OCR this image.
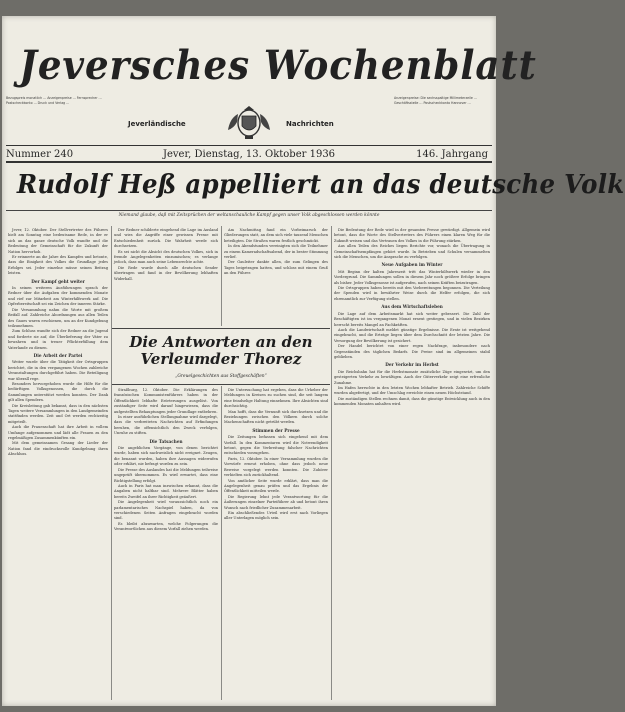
Jeversches Wochenblatt
Bezugspreis monatlich ... Anzeigenpreise ... Fernsprecher ... Postscheckkonto ... Druck und Verlag ...
Anzeigenpreise: Die sechsspaltige Millimeterzeile ... Geschäftsstelle ... Postscheckkonto Hannover ...
Jeverländische	Nachrichten
Nummer 240	Jever, Dienstag, 13. Oktober 1936	146. Jahrgang
Rudolf Heß appelliert an das deutsche Volk
Niemand glaube, daß mit Zeitsprüchen der weltanschauliche Kampf gegen unser Volk abgeschlossen werden könnte

Jever, 12. Oktober. Der Stellvertreter des Führers hielt am Sonntag eine bedeutsame Rede, in der er sich an das ganze deutsche Volk wandte und die Bedeutung der Gemeinschaft für die Zukunft der Nation hervorhob.

Er erinnerte an die Jahre des Kampfes und betonte, dass die Einigkeit des Volkes die Grundlage jedes Erfolges sei. Jeder einzelne müsse seinen Beitrag leisten.

Der Kampf geht weiter

In seinen weiteren Ausführungen sprach der Redner über die Aufgaben der kommenden Monate und rief zur Mitarbeit am Winterhilfswerk auf. Die Opferbereitschaft sei ein Zeichen der inneren Stärke.

Die Versammlung nahm die Worte mit großem Beifall auf. Zahlreiche Abordnungen aus allen Teilen des Gaues waren erschienen, um an der Kundgebung teilzunehmen.

Zum Schluss wandte sich der Redner an die Jugend und forderte sie auf, die Überlieferung der Väter zu bewahren und in treuer Pflichterfüllung dem Vaterlande zu dienen.

Die Arbeit der Partei

Weiter wurde über die Tätigkeit der Ortsgruppen berichtet, die in den vergangenen Wochen zahlreiche Veranstaltungen durchgeführt haben. Die Beteiligung war überall rege.

Besonders hervorgehoben wurde die Hilfe für die bedürftigen Volksgenossen, die durch die Sammlungen unterstützt werden konnten. Der Dank gilt allen Spendern.

Die Kreisleitung gab bekannt, dass in den nächsten Tagen weitere Versammlungen in den Landgemeinden stattfinden werden. Zeit und Ort werden rechtzeitig mitgeteilt.

Auch die Frauenschaft hat ihre Arbeit in vollem Umfange aufgenommen und lädt alle Frauen zu den regelmäßigen Zusammenkünften ein.

Mit dem gemeinsamen Gesang der Lieder der Nation fand die eindrucksvolle Kundgebung ihren Abschluss.

Der Redner schilderte eingehend die Lage im Ausland und wies die Angriffe einer gewissen Presse mit Entschiedenheit zurück. Die Wahrheit werde sich durchsetzen.

Es sei nicht die Absicht des deutschen Volkes, sich in fremde Angelegenheiten einzumischen; es verlange jedoch, dass man auch seine Lebensrechte achte.

Die Rede wurde durch alle deutschen Sender übertragen und fand in der Bevölkerung lebhaften Widerhall.

Am Nachmittag fand ein Vorbeimarsch der Gliederungen statt, an dem sich viele tausend Menschen beteiligten. Die Straßen waren festlich geschmückt.

In den Abendstunden vereinigten sich die Teilnehmer zu einem Kameradschaftsabend, der in bester Stimmung verlief.

Der Gauleiter dankte allen, die zum Gelingen des Tages beigetragen hatten, und schloss mit einem Gruß an den Führer.

Die Bedeutung der Rede wird in der gesamten Presse gewürdigt. Allgemein wird betont, dass die Worte des Stellvertreters des Führers einen klaren Weg für die Zukunft weisen und das Vertrauen des Volkes in die Führung stärken.

Aus allen Teilen des Reiches liegen Berichte vor, wonach die Übertragung in Gemeinschaftsempfängen gehört wurde. In Betrieben und Schulen versammelten sich die Menschen, um die Ansprache zu verfolgen.

Neue Aufgaben im Winter

Mit Beginn der kalten Jahreszeit tritt das Winterhilfswerk wieder in den Vordergrund. Die Sammlungen sollen in diesem Jahr noch größere Erfolge bringen als bisher. Jeder Volksgenosse ist aufgerufen, nach seinen Kräften beizutragen.

Die Ortsgruppen haben bereits mit den Vorbereitungen begonnen. Die Verteilung der Spenden wird in bewährter Weise durch die Helfer erfolgen, die sich ehrenamtlich zur Verfügung stellen.

Aus dem Wirtschaftsleben

Die Lage auf dem Arbeitsmarkt hat sich weiter gebessert. Die Zahl der Beschäftigten ist im vergangenen Monat erneut gestiegen, und in vielen Bezirken herrscht bereits Mangel an Fachkräften.

Auch die Landwirtschaft meldet günstige Ergebnisse. Die Ernte ist weitgehend eingebracht, und die Erträge liegen über dem Durchschnitt der letzten Jahre. Die Versorgung der Bevölkerung ist gesichert.

Der Handel berichtet von einer regen Nachfrage, insbesondere nach Gegenständen des täglichen Bedarfs. Die Preise sind im allgemeinen stabil geblieben.

Der Verkehr im Herbst

Die Reichsbahn hat für die Herbstmonate zusätzliche Züge eingesetzt, um den gesteigerten Verkehr zu bewältigen. Auch der Güterverkehr zeigt eine erfreuliche Zunahme.

Im Hafen herrschte in den letzten Wochen lebhafter Betrieb. Zahlreiche Schiffe wurden abgefertigt, und der Umschlag erreichte einen neuen Höchststand.

Die zuständigen Stellen rechnen damit, dass die günstige Entwicklung auch in den kommenden Monaten anhalten wird.

Die Antworten an den Verleumder Thorez
„Greuelgeschichten aus Stoffgeschäften“

Straßburg, 12. Oktober. Die Erklärungen des französischen Kommunistenführers haben in der Öffentlichkeit lebhafte Erörterungen ausgelöst. Von zuständiger Seite wird darauf hingewiesen, dass die aufgestellten Behauptungen jeder Grundlage entbehren.

In einer ausführlichen Stellungnahme wird dargelegt, dass die verbreiteten Nachrichten auf Erfindungen beruhen, die offensichtlich den Zweck verfolgen, Unruhe zu stiften.

Die Tatsachen

Die angeblichen Vorgänge, von denen berichtet wurde, haben sich nachweislich nicht ereignet. Zeugen, die benannt wurden, haben ihre Aussagen widerrufen oder erklärt, nie befragt worden zu sein.

Die Presse des Auslandes hat die Meldungen teilweise ungeprüft übernommen. Es wird erwartet, dass eine Richtigstellung erfolgt.

Auch in Paris hat man inzwischen erkannt, dass die Angaben nicht haltbar sind. Mehrere Blätter haben bereits Zweifel an ihrer Richtigkeit geäußert.

Die Angelegenheit wird voraussichtlich noch ein parlamentarisches Nachspiel haben, da von verschiedenen Seiten Anfragen eingebracht worden sind.

Es bleibt abzuwarten, welche Folgerungen die Verantwortlichen aus diesem Vorfall ziehen werden.

Die Untersuchung hat ergeben, dass die Urheber der Meldungen in Kreisen zu suchen sind, die seit langem eine feindselige Haltung einnehmen. Ihre Absichten sind durchsichtig.

Man hofft, dass die Vernunft sich durchsetzen und die Beziehungen zwischen den Völkern durch solche Machenschaften nicht getrübt werden.

Stimmen der Presse

Die Zeitungen befassen sich eingehend mit dem Vorfall. In den Kommentaren wird die Notwendigkeit betont, gegen die Verbreitung falscher Nachrichten entschieden vorzugehen.

Paris, 12. Oktober. In einer Versammlung wurden die Vorwürfe erneut erhoben, ohne dass jedoch neue Beweise vorgelegt werden konnten. Die Zuhörer verhielten sich zurückhaltend.

Von amtlicher Seite wurde erklärt, dass man die Angelegenheit genau prüfen und das Ergebnis der Öffentlichkeit mitteilen werde.

Die Regierung lehnt jede Verantwortung für die Äußerungen einzelner Parteiführer ab und betont ihren Wunsch nach friedlicher Zusammenarbeit.

Ein abschließendes Urteil wird erst nach Vorliegen aller Unterlagen möglich sein.
